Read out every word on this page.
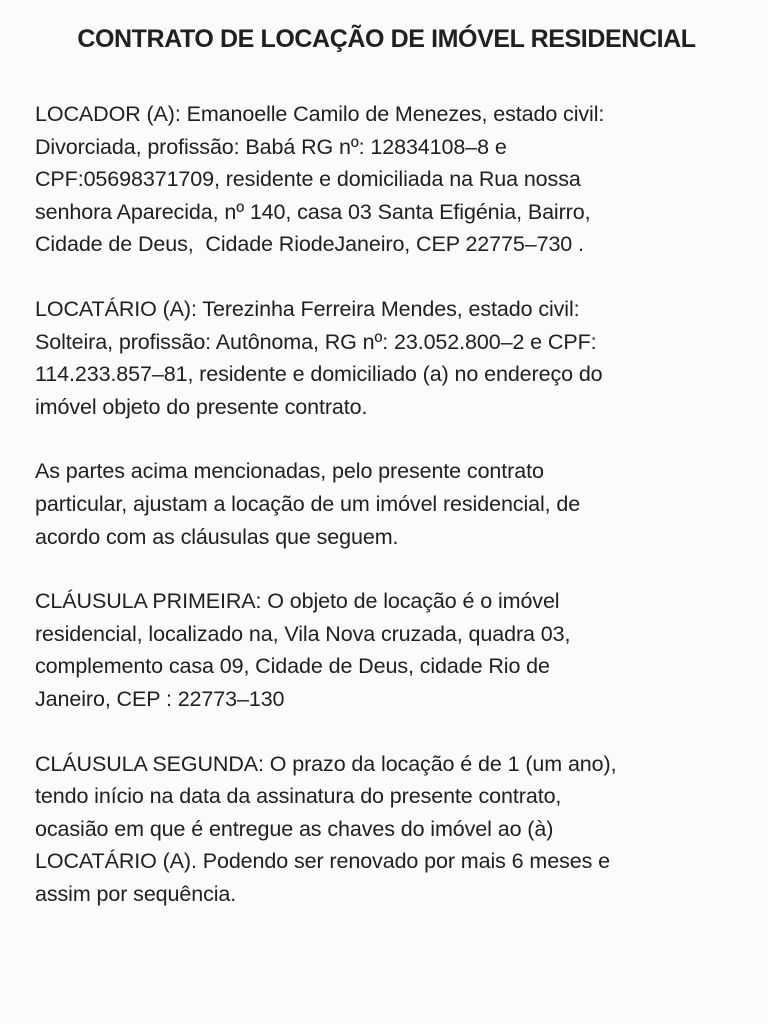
CONTRATO DE LOCAÇÃO DE IMÓVEL RESIDENCIAL
LOCADOR (A): Emanoelle Camilo de Menezes, estado civil:
Divorciada, profissão: Babá RG nº: 12834108–8 e
CPF:05698371709, residente e domiciliada na Rua nossa
senhora Aparecida, nº 140, casa 03 Santa Efigénia, Bairro,
Cidade de Deus,  Cidade RiodeJaneiro, CEP 22775–730 .
LOCATÁRIO (A): Terezinha Ferreira Mendes, estado civil:
Solteira, profissão: Autônoma, RG nº: 23.052.800–2 e CPF:
114.233.857–81, residente e domiciliado (a) no endereço do
imóvel objeto do presente contrato.
As partes acima mencionadas, pelo presente contrato
particular, ajustam a locação de um imóvel residencial, de
acordo com as cláusulas que seguem.
CLÁUSULA PRIMEIRA: O objeto de locação é o imóvel
residencial, localizado na, Vila Nova cruzada, quadra 03,
complemento casa 09, Cidade de Deus, cidade Rio de
Janeiro, CEP : 22773–130
CLÁUSULA SEGUNDA: O prazo da locação é de 1 (um ano),
tendo início na data da assinatura do presente contrato,
ocasião em que é entregue as chaves do imóvel ao (à)
LOCATÁRIO (A). Podendo ser renovado por mais 6 meses e
assim por sequência.
